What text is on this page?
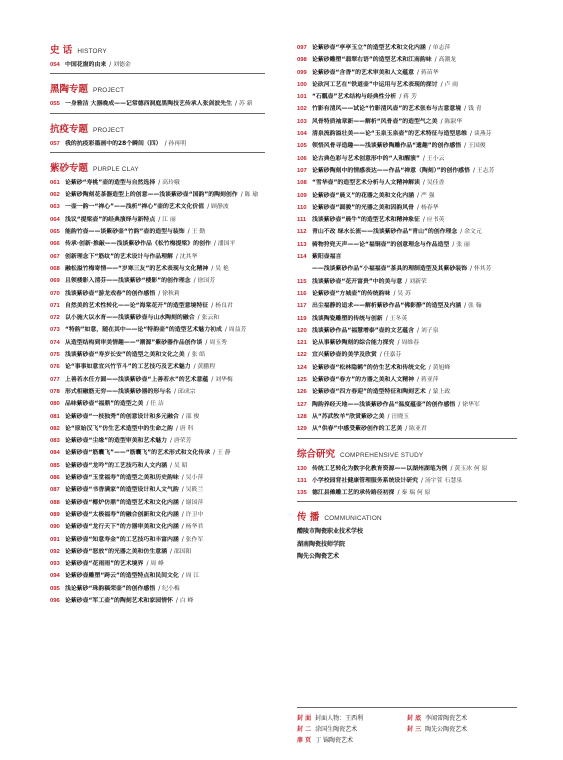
史 话 HISTORY
054 中国花窗的由来 / 刘德金
黑陶专题 PROJECT
055 一身雅洁 大器晚成——记常德西洞庭黑陶技艺传承人张剑波先生 / 苏 新
抗疫专题 PROJECT
057 我的抗疫彩墨画中的28个瞬间（四） / 孙再明
紫砂专题 PURPLE CLAY
061 论紫砂“寿桃”壶的造型与自然选择 / 高玲娥
062 论紫砂陶刻花茶器造型上的创意——浅谈紫砂壶“国韵”的陶刻创作 / 陈 瑜
063 一壶一韵一“禅心”——浅析“禅心”壶的艺术文化价值 / 顾静波
064 浅议“提梁壶”的经典演绎与新特点 / 江 丽
065 能韵竹壶——谈紫砂壶“竹韵”壶的造型与装饰 / 王 勤
066 传承·创新·推敲——浅谈紫砂作品《松竹梅提梁》的创作 / 潘国平
067 创新理念下“筋纹”的艺术设计与作品理解 / 沈其华
068 融松溢竹梅寄情——“岁寒三友”的艺术表现与文化精神 / 吴 艳
069 且领楼影入清芬——浅谈紫砂“楼影”的创作理念 / 徐国芳
070 浅谈紫砂壶“游龙戏春”的创作感悟 / 徐秋莉
071 自然美的艺术性转化——论“海棠花开”的造型意境特征 / 杨良君
072 以小施大以水育——浅谈紫砂壶与山水陶刻的融合 / 张云和
073 “特韵”如意，随在其中——论“特韵壶”的造型艺术魅力初成 / 周益芳
074 从造型结构到审美情趣——“潮源”紫砂器作品创作谈 / 周玉秀
075 浅谈紫砂壶“寿岁长安”的造型之美和文化之美 / 张 皓
076 论“事事如意宜兴竹节斗”的工艺技巧及艺术魅力 / 黄鹏程
077 上善若水任方圆——浅谈紫砂壶“上善若水”的艺术意蕴 / 刘华梅
078 形式相融筋无穷——浅谈紫砂器的形与名 / 邱成宗
080 品味紫砂壶“福鼎”的造型之美 / 任 洁
081 论紫砂壶“一枝独秀”的创意设计和多元融合 / 邵 俊
082 论“原始汉飞”仿生艺术造型中的生命之韵 / 唐 科
083 论紫砂壶“尘缘”的造型审美和艺术魅力 / 唐荣芳
084 论紫砂壶“筋囊飞”——“筋囊飞”的艺术形式和文化传承 / 王 静
085 论紫砂壶“龙吟”的工艺技巧和人文内涵 / 吴 昭
086 论紫砂壶“玉堂福寿”的造型之美和历史韵味 / 吴小萍
087 论紫砂壶“书香满家”的造型设计和人文气韵 / 吴筱兰
088 论紫砂壶“椰炉仿鼎”的造型艺术和文化内涵 / 谢国萍
089 论紫砂壶“太极福寿”的融合创新和文化内涵 / 许卫中
090 论紫砂壶“龙行天下”的方器审美和文化内涵 / 杨华君
091 论紫砂壶“知意寿金”的工艺技巧和丰富内涵 / 张作军
092 论紫砂壶“怒放”的光器之美和仿生意涵 / 邵国阳
093 论紫砂壶“花雨雨”的艺术境界 / 周 峰
094 论紫砂壶雕塑“跨云”的造型特点和民间文化 / 周 江
095 浅论紫砂“珠韵稿荣壶”的创作感悟 / 纪小梅
096 论紫砂壶“军工壶”的陶刻艺术和家园情怀 / 白 峰
097 论紫砂壶“亭亭玉立”的造型艺术和文化内涵 / 单志萍
098 论紫砂雕塑“翡翠右语”的造型艺术和江南韵味 / 高潮龙
099 论紫砂壶“含香”的艺术审美和人文蕴意 / 蒋苗华
100 论砍河工艺在“铁道壶”中运用与艺术表现的探讨 / 卢 雨
101 “石瓢壶”艺术结构与经典性分析 / 蒋 芳
102 竹影有清风——试论“竹影清风壶”的艺术张布与古意意境 / 钱 青
103 风骨特质袖章新——解析“风骨壶”的造型气之美 / 陈淑华
104 清泉流韵溢壮美——论“玉泉玉泉壶”的艺术特征与造型思维 / 谈燕芬
105 领悟风骨寻造趣——浅谈紫砂陶雕作品“遗趣”的创作感悟 / 王国俊
106 论古典色彩与艺术创意形中的“人和醒演” / 王小云
107 论紫砂陶刻中的情感表达——作品“禅意（陶刻）”的创作感悟 / 王志芳
108 “雪华壶”的造型艺术分析与人文精神解读 / 吴佳香
109 论紫砂壶“晨义”的花器之美和文化内涵 / 严 强
110 论紫砂壶“圆骏”的光器之美和因韵风骨 / 杨春华
111 浅谈紫砂壶“晨牛”的造型艺术和精神象征 / 应书英
112 青山不改 绿水长流——浅谈紫砂作品“青山”的创作理念 / 余文元
113 骑物狩兜天声——论“福铜壶”的创意理念与作品造型 / 张 丽
114 紫阳壶福言
——浅谈紫砂作品“小福福壶”茶具的理制造型及其紫砂装饰 / 怀其芳
115 浅谈紫砂壶“花开富贵”中的美与意 / 刘新荣
116 论紫砂壶“方城壶”的传统韵味 / 吴 苏
117 出尘福静的追求——解析紫砂作品“佛影静”的造型及内涵 / 张 翰
119 浅谈陶瓷雕塑的传统与创新 / 王冬英
120 浅谈紫砂作品“福慧增泰”壶的文艺蕴含 / 刘子泉
121 论从事紫砂陶刻的综合能力探究 / 周维春
122 宜兴紫砂壶的美学及欣赏 / 任嘉芬
124 论紫砂壶“松林隐鹤”的仿生艺术和传统文化 / 黄旭峰
125 论紫砂壶“春方”的方器之美和人文精神 / 蒋亚萍
126 论紫砂壶“四方春迎”的造型特征和陶刻艺术 / 蒙上政
127 陶韵养经天地——浅谈紫砂作品“温度蕴壶”的创作感悟 / 徐华军
128 从“苏武牧羊”欣赏紫砂之美 / 汪晓玉
129 从“供春”中感受紫砂创作的工艺美 / 陈亚君
综合研究 COMPREHENSIVE STUDY
130 传统工艺转化为数字化教育资源——以湖州湖笔为例 / 黄玉冰 何 原
131 小学校园背社健康管理服务系统设计研究 / 汤宇萱 石慧泉
135 德江县傩雕工艺的承传路径初探 / 秦 瑞 何 原
传 播 COMMUNICATION
醴陵市陶瓷职业技术学校
湖南陶瓷技师学院
陶先公陶瓷艺术
封 面 封面人物：王西利	封 底 李闻雷陶瓷艺术
封 二 涂国生陶瓷艺术	封 三 陶先公陶瓷艺术
扉 页 丁 锦陶瓷艺术
